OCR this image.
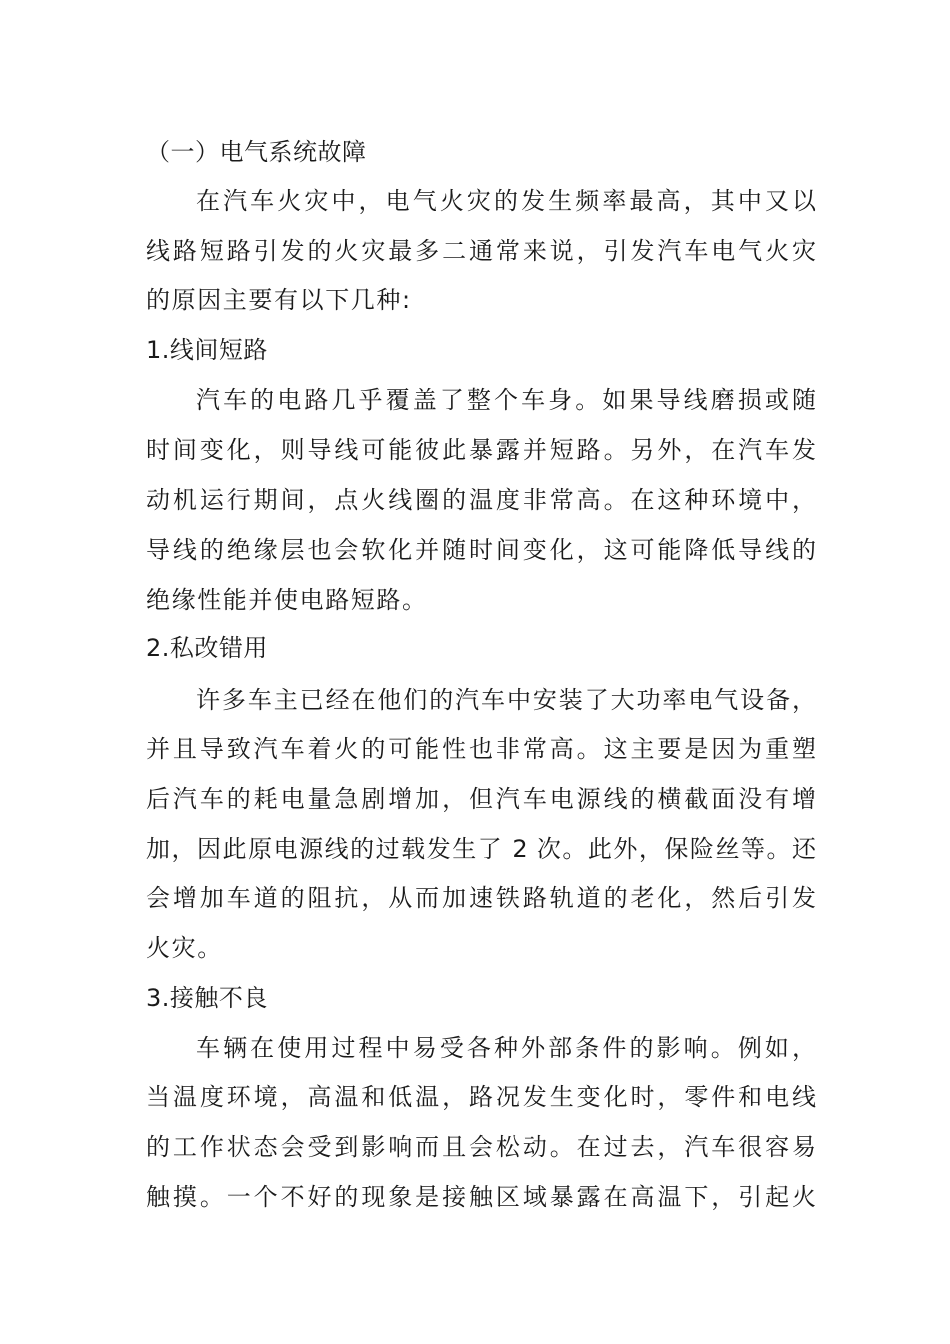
（一）电气系统故障
在汽车火灾中，电气火灾的发生频率最高，其中又以
线路短路引发的火灾最多二通常来说，引发汽车电气火灾
的原因主要有以下几种:
1.线间短路
汽车的电路几乎覆盖了整个车身。如果导线磨损或随
时间变化，则导线可能彼此暴露并短路。另外，在汽车发
动机运行期间，点火线圈的温度非常高。在这种环境中，
导线的绝缘层也会软化并随时间变化，这可能降低导线的
绝缘性能并使电路短路。
2.私改错用
许多车主已经在他们的汽车中安装了大功率电气设备，
并且导致汽车着火的可能性也非常高。这主要是因为重塑
后汽车的耗电量急剧增加，但汽车电源线的横截面没有增
加，因此原电源线的过载发生了 2 次。此外，保险丝等。还
会增加车道的阻抗，从而加速铁路轨道的老化，然后引发
火灾。
3.接触不良
车辆在使用过程中易受各种外部条件的影响。例如，
当温度环境，高温和低温，路况发生变化时，零件和电线
的工作状态会受到影响而且会松动。在过去，汽车很容易
触摸。一个不好的现象是接触区域暴露在高温下，引起火
